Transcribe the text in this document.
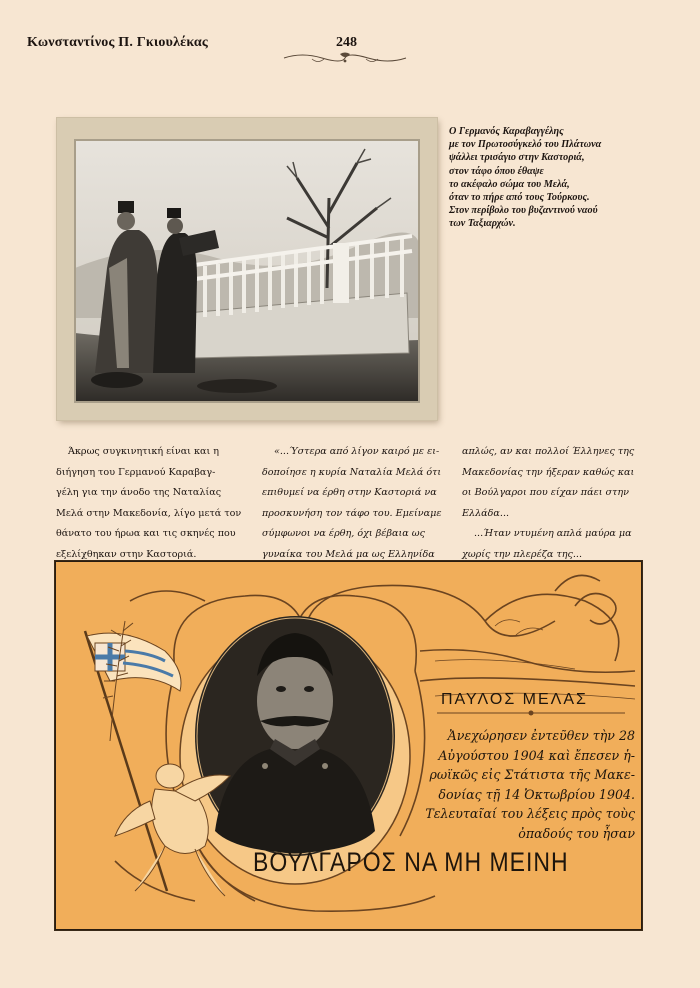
Κωνσταντίνος Π. Γκιουλέκας	248
Ο Γερμανός Καραβαγγέλης
με τον Πρωτοσύγκελό του Πλάτωνα
ψάλλει τρισάγιο στην Καστοριά,
στον τάφο όπου έθαψε
το ακέφαλο σώμα του Μελά,
όταν το πήρε από τους Τούρκους.
Στον περίβολο του βυζαντινού ναού
των Ταξιαρχών.
Άκρως συγκινητική είναι και η
διήγηση του Γερμανού Καραβαγ-
γέλη για την άνοδο της Ναταλίας
Μελά στην Μακεδονία, λίγο μετά τον
θάνατο του ήρωα και τις σκηνές που
εξελίχθηκαν στην Καστοριά.
«...Ύστερα από λίγον καιρό με ει-
δοποίησε η κυρία Ναταλία Μελά ότι
επιθυμεί να έρθη στην Καστοριά να
προσκυνήση τον τάφο του. Εμείναμε
σύμφωνοι να έρθη, όχι βέβαια ως
γυναίκα του Μελά μα ως Ελληνίδα
απλώς, αν και πολλοί Έλληνες της
Μακεδονίας την ήξεραν καθώς και
οι Βούλγαροι που είχαν πάει στην
Ελλάδα...
...Ήταν ντυμένη απλά μαύρα μα
χωρίς την πλερέζα της...
ΠΑΥΛΟΣ ΜΕΛΑΣ
Ἀνεχώρησεν ἐντεῦθεν τὴν 28
Αὐγούστου 1904 καὶ ἔπεσεν ἡ-
ρωϊκῶς εἰς Στάτιστα τῆς Μακε-
δονίας τῇ 14 Ὀκτωβρίου 1904.
Τελευταῖαί του λέξεις πρὸς τοὺς
ὀπαδούς του ἦσαν
ΒΟΥΛΓΑΡΟΣ ΝΑ ΜΗ ΜΕΙΝΗ
